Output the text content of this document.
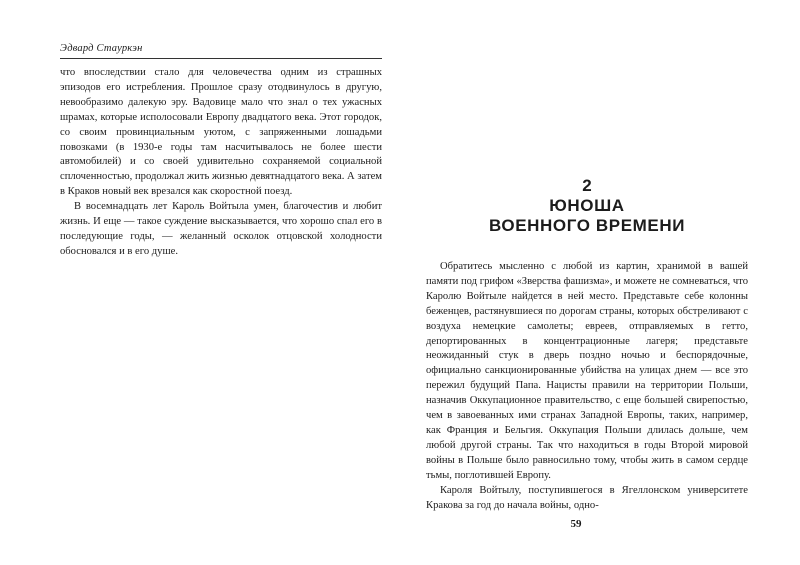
Эдвард Стауркэн

что впоследствии стало для человечества одним из страшных эпизодов его истребления. Прошлое сразу отодвинулось в другую, невообразимо далекую эру. Вадовице мало что знал о тех ужасных шрамах, которые исполосовали Европу двадцатого века. Этот городок, со своим провинциальным уютом, с запряженными лошадьми повозками (в 1930-е годы там насчитывалось не более шести автомобилей) и со своей удивительно сохраняемой социальной сплоченностью, продолжал жить жизнью девятнадцатого века. А затем в Краков новый век врезался как скоростной поезд.

В восемнадцать лет Кароль Войтыла умен, благочестив и любит жизнь. И еще — такое суждение высказывается, что хорошо спал его в последующие годы, — желанный осколок отцовской холодности обосновался и в его душе.

2
ЮНОША
ВОЕННОГО ВРЕМЕНИ

Обратитесь мысленно с любой из картин, хранимой в вашей памяти под грифом «Зверства фашизма», и можете не сомневаться, что Каролю Войтыле найдется в ней место. Представьте себе колонны беженцев, растянувшиеся по дорогам страны, которых обстреливают с воздуха немецкие самолеты; евреев, отправляемых в гетто, депортированных в концентрационные лагеря; представьте неожиданный стук в дверь поздно ночью и беспорядочные, официально санкционированные убийства на улицах днем — все это пережил будущий Папа. Нацисты правили на территории Польши, назначив Оккупационное правительство, с еще большей свирепостью, чем в завоеванных ими странах Западной Европы, таких, например, как Франция и Бельгия. Оккупация Польши длилась дольше, чем любой другой страны. Так что находиться в годы Второй мировой войны в Польше было равносильно тому, чтобы жить в самом сердце тьмы, поглотившей Европу.

Кароля Войтылу, поступившегося в Ягеллонском университете Кракова за год до начала войны, одно-

59
